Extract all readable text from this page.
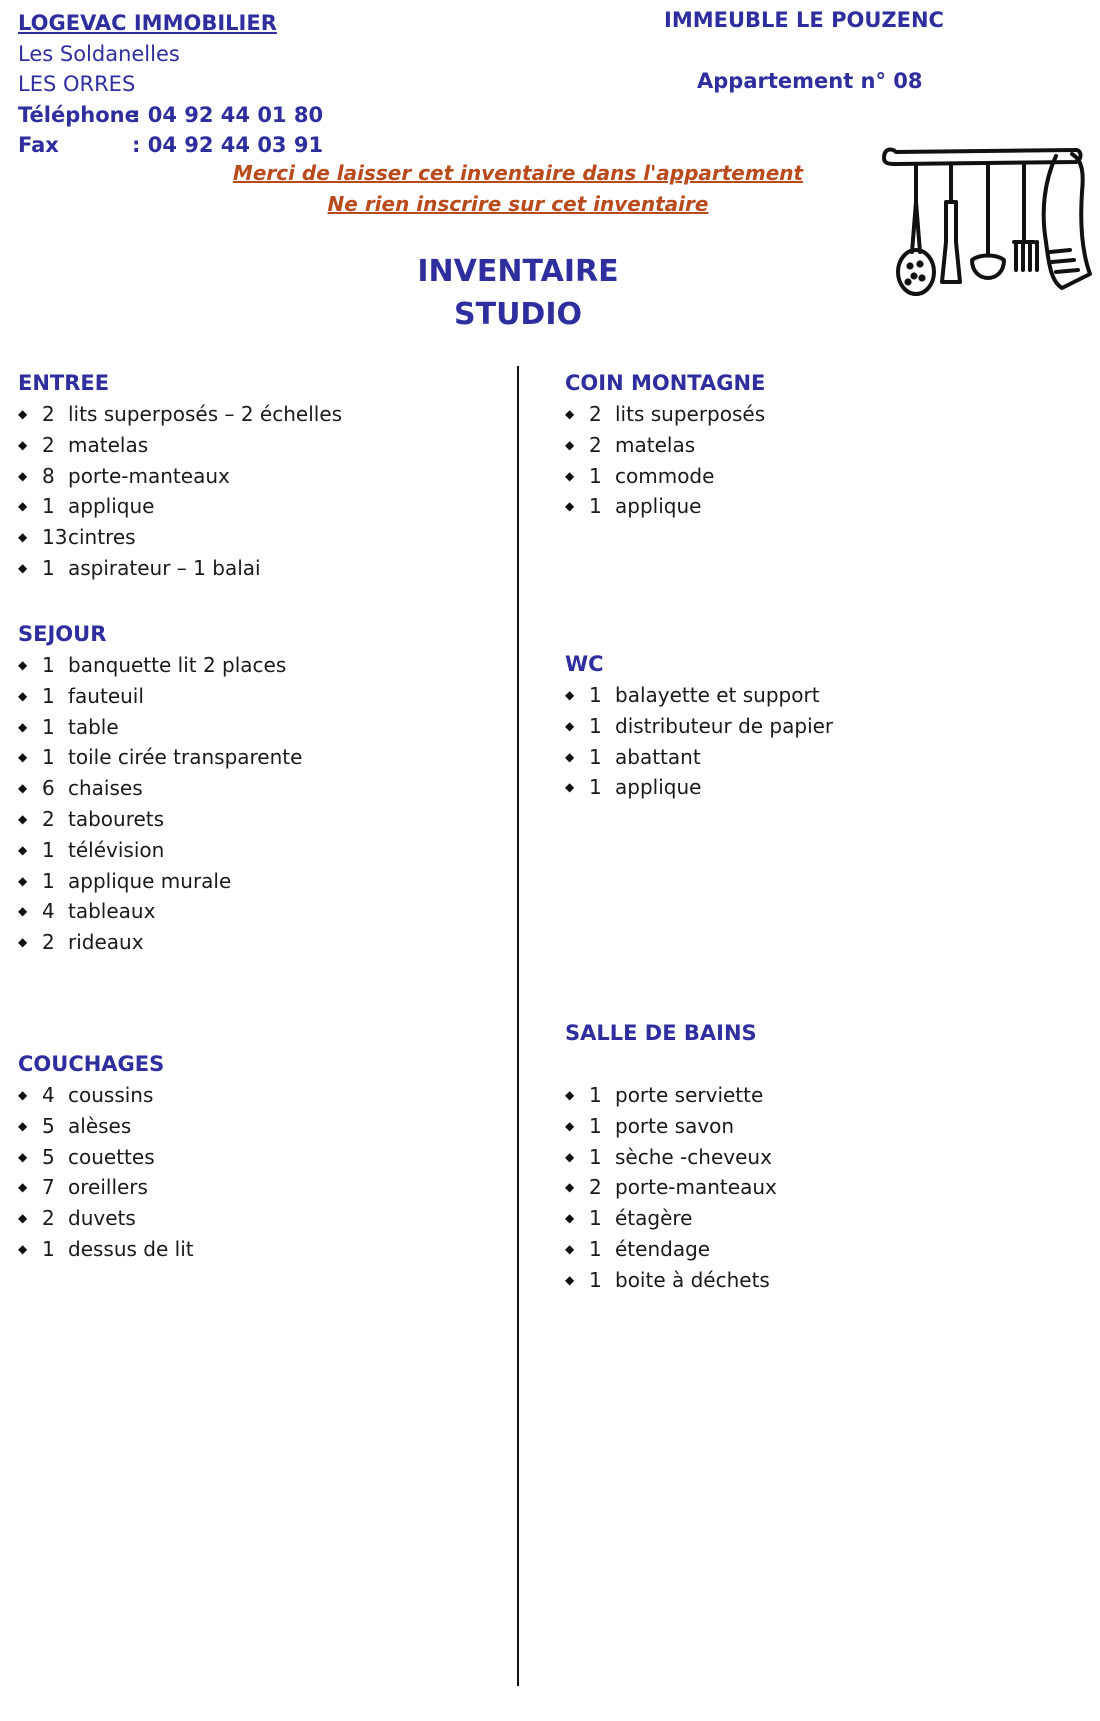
LOGEVAC IMMOBILIER
Les Soldanelles
LES ORRES
Téléphone: 04 92 44 01 80
Fax	: 04 92 44 03 91
IMMEUBLE LE POUZENC
Appartement n° 08
Merci de laisser cet inventaire dans l'appartement
Ne rien inscrire sur cet inventaire
INVENTAIRE
STUDIO
ENTREE
◆ 2 lits superposés – 2 échelles
◆ 2 matelas
◆ 8 porte-manteaux
◆ 1 applique
◆ 13 cintres
◆ 1 aspirateur – 1 balai
SEJOUR
◆ 1 banquette lit 2 places
◆ 1 fauteuil
◆ 1 table
◆ 1 toile cirée transparente
◆ 6 chaises
◆ 2 tabourets
◆ 1 télévision
◆ 1 applique murale
◆ 4 tableaux
◆ 2 rideaux
COUCHAGES
◆ 4 coussins
◆ 5 alèses
◆ 5 couettes
◆ 7 oreillers
◆ 2 duvets
◆ 1 dessus de lit
COIN MONTAGNE
◆ 2 lits superposés
◆ 2 matelas
◆ 1 commode
◆ 1 applique
WC
◆ 1 balayette et support
◆ 1 distributeur de papier
◆ 1 abattant
◆ 1 applique
SALLE DE BAINS
◆ 1 porte serviette
◆ 1 porte savon
◆ 1 sèche -cheveux
◆ 2 porte-manteaux
◆ 1 étagère
◆ 1 étendage
◆ 1 boite à déchets
